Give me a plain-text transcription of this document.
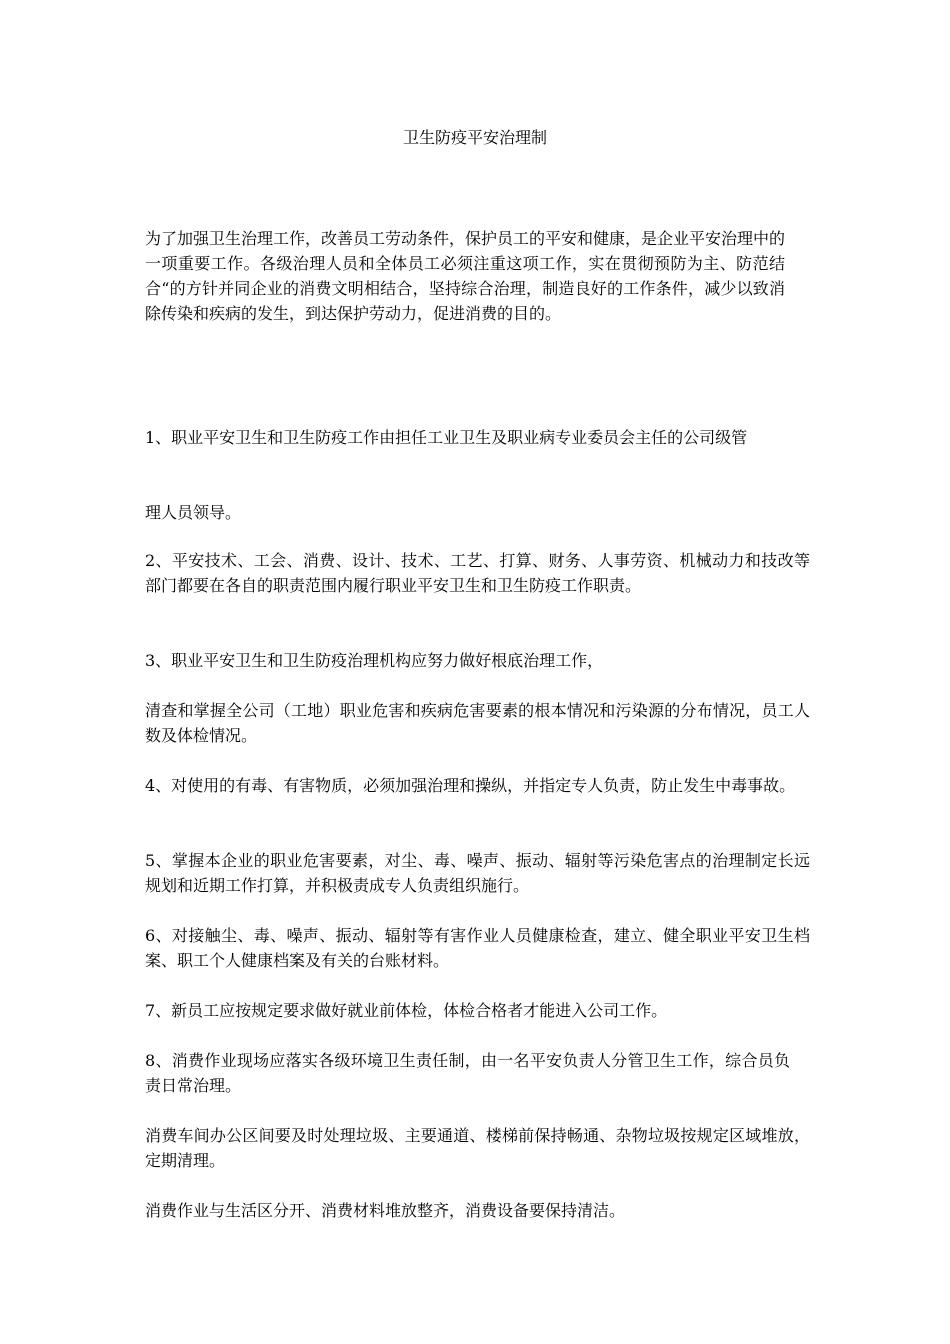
卫生防疫平安治理制

为了加强卫生治理工作，改善员工劳动条件，保护员工的平安和健康，是企业平安治理中的一项重要工作。各级治理人员和全体员工必须注重这项工作，实在贯彻预防为主、防范结合“的方针并同企业的消费文明相结合，坚持综合治理，制造良好的工作条件，减少以致消除传染和疾病的发生，到达保护劳动力，促进消费的目的。

1、职业平安卫生和卫生防疫工作由担任工业卫生及职业病专业委员会主任的公司级管

理人员领导。

2、平安技术、工会、消费、设计、技术、工艺、打算、财务、人事劳资、机械动力和技改等部门都要在各自的职责范围内履行职业平安卫生和卫生防疫工作职责。

3、职业平安卫生和卫生防疫治理机构应努力做好根底治理工作，

清查和掌握全公司（工地）职业危害和疾病危害要素的根本情况和污染源的分布情况，员工人数及体检情况。

4、对使用的有毒、有害物质，必须加强治理和操纵，并指定专人负责，防止发生中毒事故。

5、掌握本企业的职业危害要素，对尘、毒、噪声、振动、辐射等污染危害点的治理制定长远规划和近期工作打算，并积极责成专人负责组织施行。

6、对接触尘、毒、噪声、振动、辐射等有害作业人员健康检查，建立、健全职业平安卫生档案、职工个人健康档案及有关的台账材料。

7、新员工应按规定要求做好就业前体检，体检合格者才能进入公司工作。

8、消费作业现场应落实各级环境卫生责任制，由一名平安负责人分管卫生工作，综合员负责日常治理。

消费车间办公区间要及时处理垃圾、主要通道、楼梯前保持畅通、杂物垃圾按规定区域堆放，定期清理。

消费作业与生活区分开、消费材料堆放整齐，消费设备要保持清洁。
